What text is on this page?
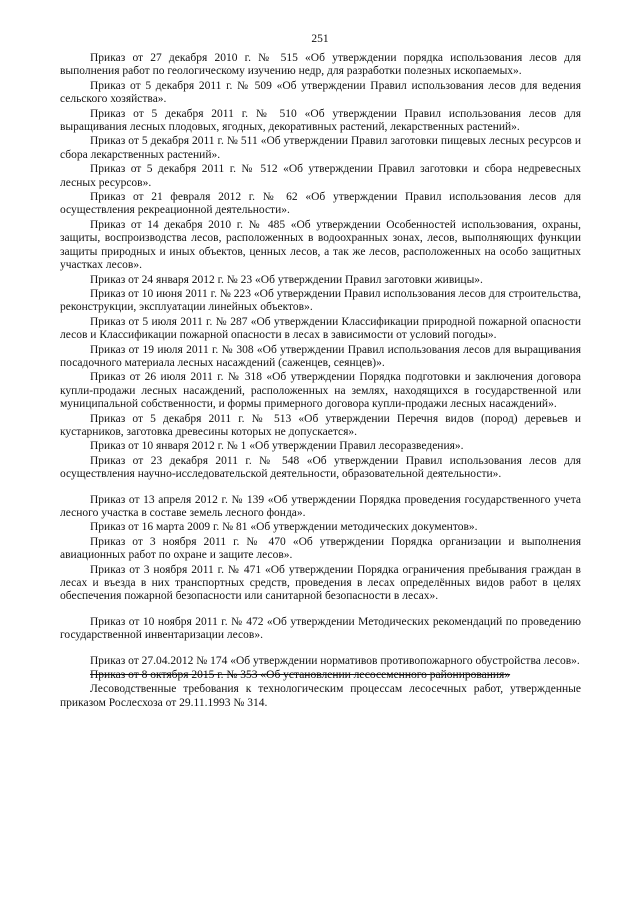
251

Приказ от 27 декабря 2010 г. № 515 «Об утверждении порядка использования лесов для выполнения работ по геологическому изучению недр, для разработки полезных ископаемых».

Приказ от 5 декабря 2011 г. № 509 «Об утверждении Правил использования лесов для ведения сельского хозяйства».

Приказ от 5 декабря 2011 г. № 510 «Об утверждении Правил использования лесов для выращивания лесных плодовых, ягодных, декоративных растений, лекарственных растений».

Приказ от 5 декабря 2011 г. № 511 «Об утверждении Правил заготовки пищевых лесных ресурсов и сбора лекарственных растений».

Приказ от 5 декабря 2011 г. № 512 «Об утверждении Правил заготовки и сбора недревесных лесных ресурсов».

Приказ от 21 февраля 2012 г. № 62 «Об утверждении Правил использования лесов для осуществления рекреационной деятельности».

Приказ от 14 декабря 2010 г. № 485 «Об утверждении Особенностей использования, охраны, защиты, воспроизводства лесов, расположенных в водоохранных зонах, лесов, выполняющих функции защиты природных и иных объектов, ценных лесов, а так же лесов, расположенных на особо защитных участках лесов».

Приказ от 24 января 2012 г. № 23 «Об утверждении Правил заготовки живицы».

Приказ от 10 июня 2011 г. № 223 «Об утверждении Правил использования лесов для строительства, реконструкции, эксплуатации линейных объектов».

Приказ от 5 июля 2011 г. № 287 «Об утверждении Классификации природной пожарной опасности лесов и Классификации пожарной опасности в лесах в зависимости от условий погоды».

Приказ от 19 июля 2011 г. № 308 «Об утверждении Правил использования лесов для выращивания посадочного материала лесных насаждений (саженцев, сеянцев)».

Приказ от 26 июля 2011 г. № 318 «Об утверждении Порядка подготовки и заключения договора купли-продажи лесных насаждений, расположенных на землях, находящихся в государственной или муниципальной собственности, и формы примерного договора купли-продажи лесных насаждений».

Приказ от 5 декабря 2011 г. № 513 «Об утверждении Перечня видов (пород) деревьев и кустарников, заготовка древесины которых не допускается».

Приказ от 10 января 2012 г. № 1 «Об утверждении Правил лесоразведения».

Приказ от 23 декабря 2011 г. № 548 «Об утверждении Правил использования лесов для осуществления научно-исследовательской деятельности, образовательной деятельности».

Приказ от 13 апреля 2012 г. № 139 «Об утверждении Порядка проведения государственного учета лесного участка в составе земель лесного фонда».

Приказ от 16 марта 2009 г. № 81 «Об утверждении методических документов».

Приказ от 3 ноября 2011 г. № 470 «Об утверждении Порядка организации и выполнения авиационных работ по охране и защите лесов».

Приказ от 3 ноября 2011 г. № 471 «Об утверждении Порядка ограничения пребывания граждан в лесах и въезда в них транспортных средств, проведения в лесах определённых видов работ в целях обеспечения пожарной безопасности или санитарной безопасности в лесах».

Приказ от 10 ноября 2011 г. № 472 «Об утверждении Методических рекомендаций по проведению государственной инвентаризации лесов».

Приказ от 27.04.2012 № 174 «Об утверждении нормативов противопожарного обустройства лесов».

Приказ от 8 октября 2015 г. № 353 «Об установлении лесосеменного районирования»

Лесоводственные требования к технологическим процессам лесосечных работ, утвержденные приказом Рослесхоза от 29.11.1993 № 314.
